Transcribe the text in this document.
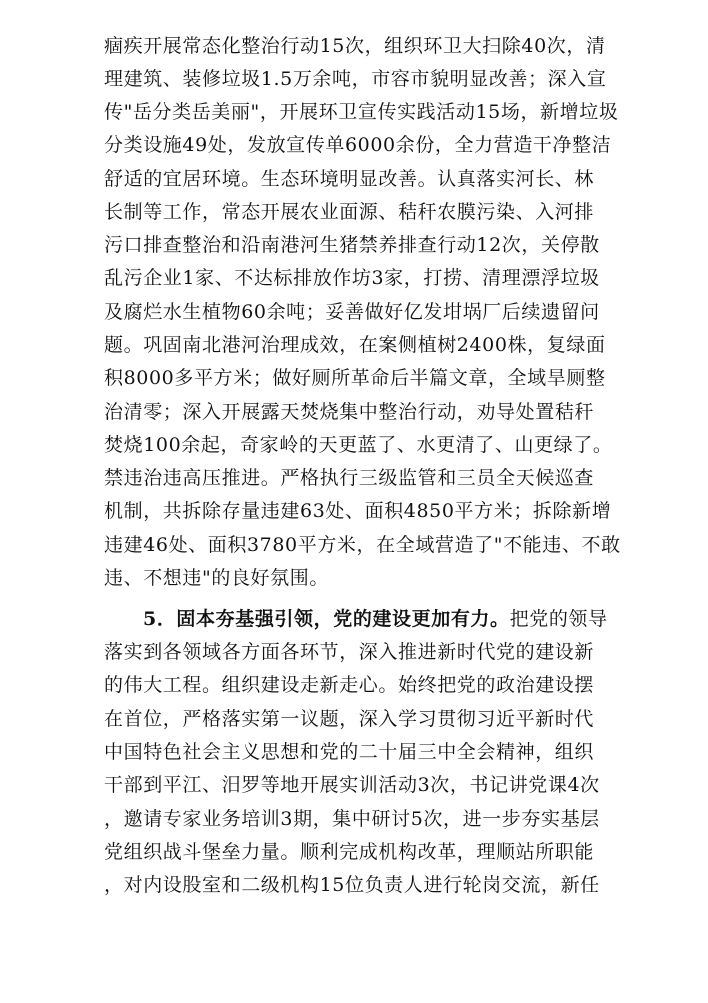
痼疾开展常态化整治行动15次，组织环卫大扫除40次，清
理建筑、装修垃圾1.5万余吨，市容市貌明显改善；深入宣
传"岳分类岳美丽"，开展环卫宣传实践活动15场，新增垃圾
分类设施49处，发放宣传单6000余份，全力营造干净整洁
舒适的宜居环境。生态环境明显改善。认真落实河长、林
长制等工作，常态开展农业面源、秸秆农膜污染、入河排
污口排查整治和沿南港河生猪禁养排查行动12次，关停散
乱污企业1家、不达标排放作坊3家，打捞、清理漂浮垃圾
及腐烂水生植物60余吨；妥善做好亿发坩埚厂后续遗留问
题。巩固南北港河治理成效，在案侧植树2400株，复绿面
积8000多平方米；做好厕所革命后半篇文章，全域旱厕整
治清零；深入开展露天焚烧集中整治行动，劝导处置秸秆
焚烧100余起，奇家岭的天更蓝了、水更清了、山更绿了。
禁违治违高压推进。严格执行三级监管和三员全天候巡查
机制，共拆除存量违建63处、面积4850平方米；拆除新增
违建46处、面积3780平方米，在全域营造了"不能违、不敢
违、不想违"的良好氛围。
5．固本夯基强引领，党的建设更加有力。把党的领导
落实到各领域各方面各环节，深入推进新时代党的建设新
的伟大工程。组织建设走新走心。始终把党的政治建设摆
在首位，严格落实第一议题，深入学习贯彻习近平新时代
中国特色社会主义思想和党的二十届三中全会精神，组织
干部到平江、汨罗等地开展实训活动3次，书记讲党课4次
，邀请专家业务培训3期，集中研讨5次，进一步夯实基层
党组织战斗堡垒力量。顺利完成机构改革，理顺站所职能
，对内设股室和二级机构15位负责人进行轮岗交流，新任
